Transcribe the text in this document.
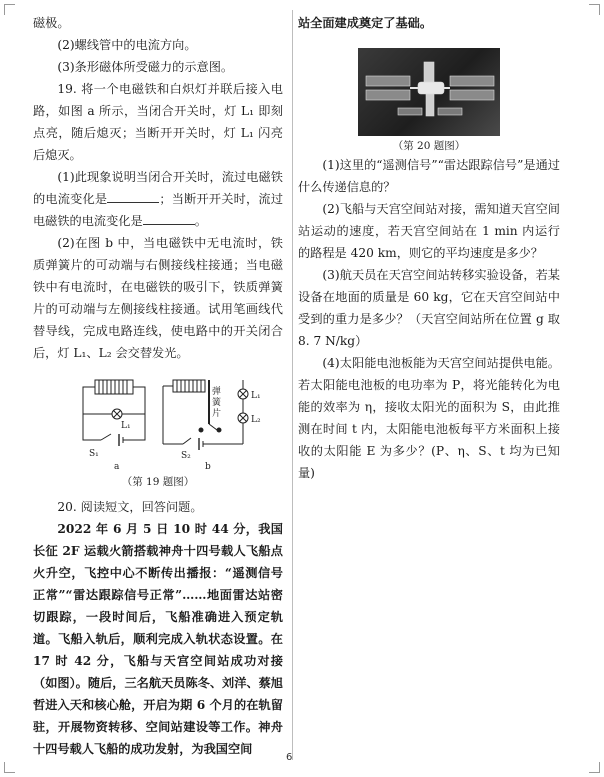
磁极。

(2)螺线管中的电流方向。

(3)条形磁体所受磁力的示意图。

19. 将一个电磁铁和白炽灯并联后接入电路，如图 a 所示，当闭合开关时，灯 L₁ 即刻点亮，随后熄灭；当断开开关时，灯 L₁ 闪亮后熄灭。

(1)此现象说明当闭合开关时，流过电磁铁的电流变化是	；当断开开关时，流过电磁铁的电流变化是	。

(2)在图 b 中，当电磁铁中无电流时，铁质弹簧片的可动端与右侧接线柱接通；当电磁铁中有电流时，在电磁铁的吸引下，铁质弹簧片的可动端与左侧接线柱接通。试用笔画线代替导线，完成电路连线，使电路中的开关闭合后，灯 L₁、L₂ 会交替发光。

L₁
S₁
a
弹
簧
片
L₁
L₂
S₂
b
（第 19 题图）

20. 阅读短文，回答问题。

2022 年 6 月 5 日 10 时 44 分，我国长征 2F 运载火箭搭载神舟十四号载人飞船点火升空，飞控中心不断传出播报：“遥测信号正常”“雷达跟踪信号正常”……地面雷达站密切跟踪，一段时间后，飞船准确进入预定轨道。飞船入轨后，顺利完成入轨状态设置。在 17 时 42 分，飞船与天宫空间站成功对接（如图）。随后，三名航天员陈冬、刘洋、蔡旭哲进入天和核心舱，开启为期 6 个月的在轨留驻，开展物资转移、空间站建设等工作。神舟十四号载人飞船的成功发射，为我国空间

站全面建成奠定了基础。

（第 20 题图）

(1)这里的“遥测信号”“雷达跟踪信号”是通过什么传递信息的？

(2)飞船与天宫空间站对接，需知道天宫空间站运动的速度，若天宫空间站在 1 min 内运行的路程是 420 km，则它的平均速度是多少？

(3)航天员在天宫空间站转移实验设备，若某设备在地面的质量是 60 kg，它在天宫空间站中受到的重力是多少？（天宫空间站所在位置 g 取 8. 7 N/kg）

(4)太阳能电池板能为天宫空间站提供电能。若太阳能电池板的电功率为 P，将光能转化为电能的效率为 η，接收太阳光的面积为 S，由此推测在时间 t 内，太阳能电池板每平方米面积上接收的太阳能 E 为多少？(P、η、S、t 均为已知量)

6
